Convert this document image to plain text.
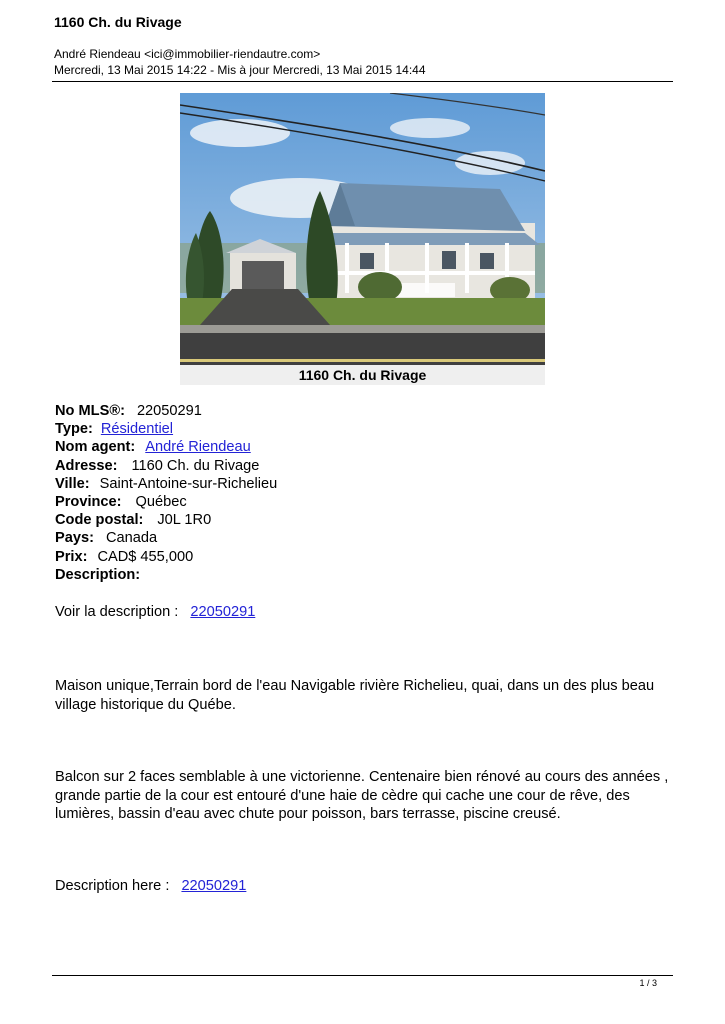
1160 Ch. du Rivage
André Riendeau <ici@immobilier-riendautre.com>
Mercredi, 13 Mai 2015 14:22 - Mis à jour Mercredi, 13 Mai 2015 14:44
1160 Ch. du Rivage
No MLS®: 22050291
Type: Résidentiel
Nom agent: André Riendeau
Adresse: 1160 Ch. du Rivage
Ville: Saint-Antoine-sur-Richelieu
Province: Québec
Code postal: J0L 1R0
Pays: Canada
Prix: CAD$ 455,000
Description:
Voir la description : 22050291
Maison unique,Terrain bord de l'eau Navigable rivière Richelieu, quai, dans un des plus beau village historique du Québe.
Balcon sur 2 faces semblable à une victorienne. Centenaire bien rénové au cours des années , grande partie de la cour est entouré d'une haie de cèdre qui cache une cour de rêve, des lumières, bassin d'eau avec chute pour poisson, bars terrasse, piscine creusé.
Description here : 22050291
1 / 3
